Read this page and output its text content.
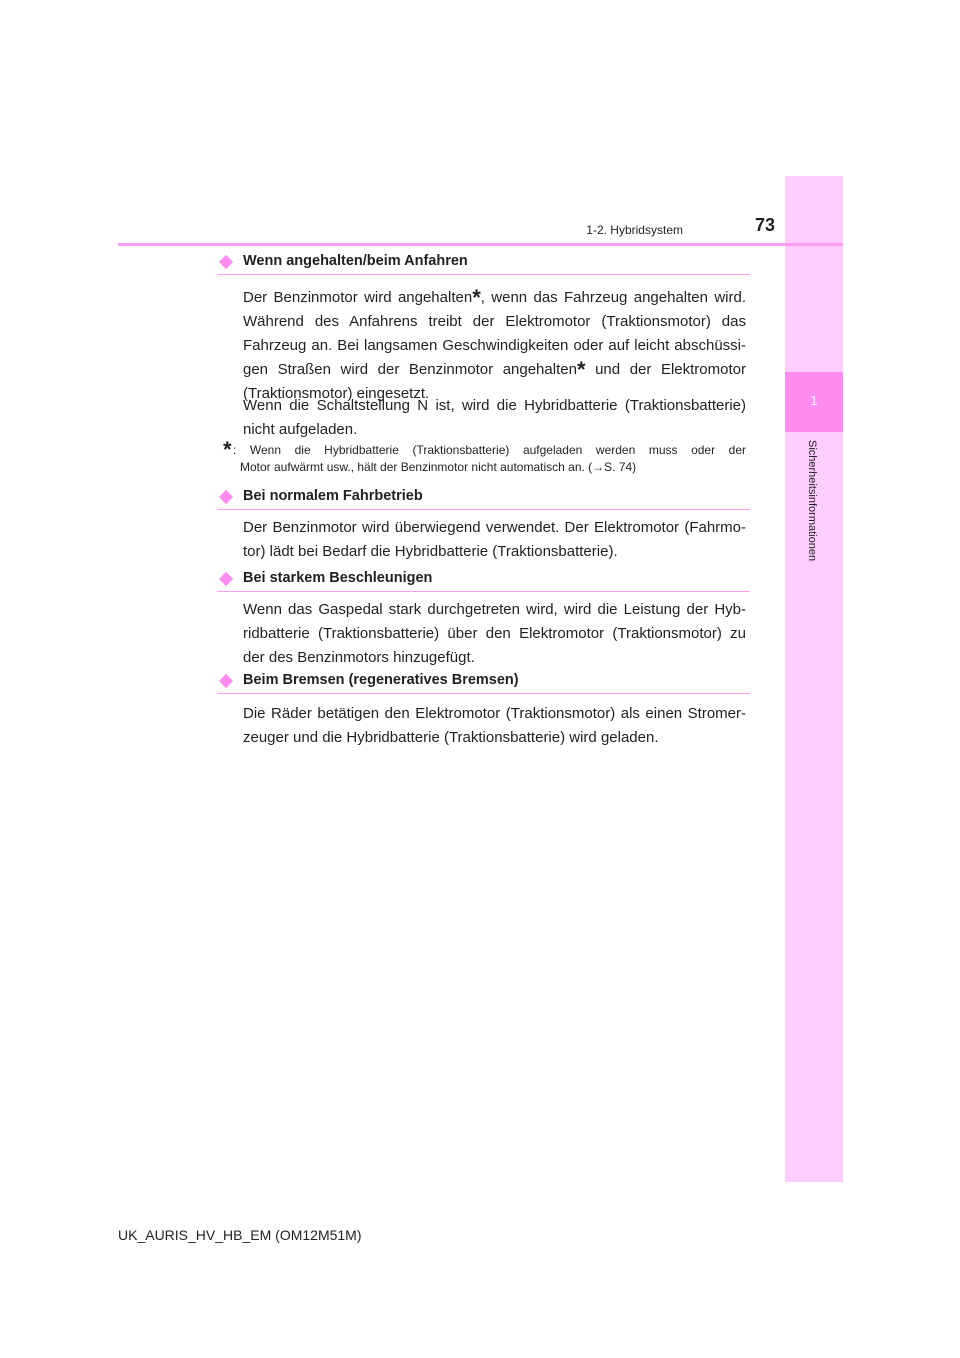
1
Sicherheitsinformationen
1-2. Hybridsystem	73
Wenn angehalten/beim Anfahren

Der Benzinmotor wird angehalten*, wenn das Fahrzeug angehalten wird. Während des Anfahrens treibt der Elektromotor (Traktionsmotor) das Fahrzeug an. Bei langsamen Geschwindigkeiten oder auf leicht abschüssi-gen Straßen wird der Benzinmotor angehalten* und der Elektromotor (Traktionsmotor) eingesetzt.

Wenn die Schaltstellung N ist, wird die Hybridbatterie (Traktionsbatterie) nicht aufgeladen.

* : Wenn die Hybridbatterie (Traktionsbatterie) aufgeladen werden muss oder der
Motor aufwärmt usw., hält der Benzinmotor nicht automatisch an. (→S. 74)

Bei normalem Fahrbetrieb

Der Benzinmotor wird überwiegend verwendet. Der Elektromotor (Fahrmo-tor) lädt bei Bedarf die Hybridbatterie (Traktionsbatterie).

Bei starkem Beschleunigen

Wenn das Gaspedal stark durchgetreten wird, wird die Leistung der Hyb-ridbatterie (Traktionsbatterie) über den Elektromotor (Traktionsmotor) zu der des Benzinmotors hinzugefügt.

Beim Bremsen (regeneratives Bremsen)

Die Räder betätigen den Elektromotor (Traktionsmotor) als einen Stromer-zeuger und die Hybridbatterie (Traktionsbatterie) wird geladen.

UK_AURIS_HV_HB_EM (OM12M51M)
